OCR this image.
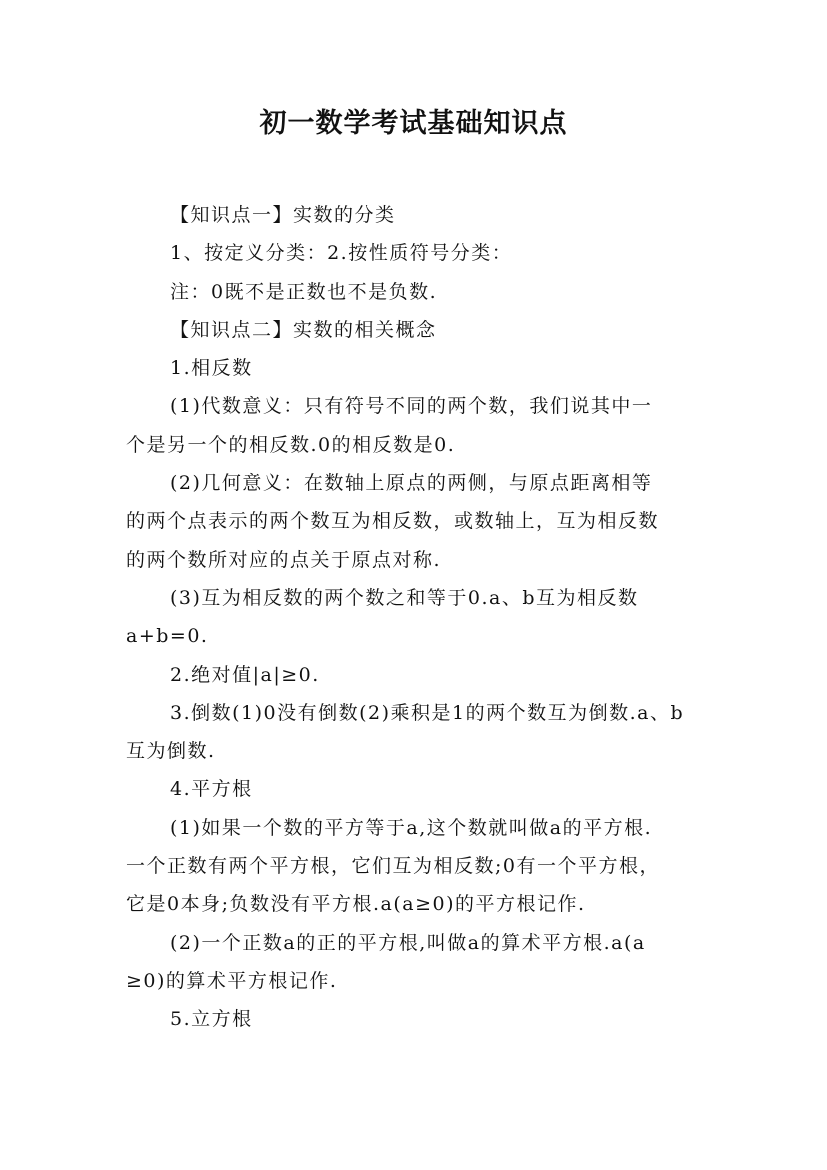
初一数学考试基础知识点
【知识点一】实数的分类
1、按定义分类：2.按性质符号分类：
注：0既不是正数也不是负数.
【知识点二】实数的相关概念
1.相反数
(1)代数意义：只有符号不同的两个数，我们说其中一
个是另一个的相反数.0的相反数是0.
(2)几何意义：在数轴上原点的两侧，与原点距离相等
的两个点表示的两个数互为相反数，或数轴上，互为相反数
的两个数所对应的点关于原点对称.
(3)互为相反数的两个数之和等于0.a、b互为相反数
a+b=0.
2.绝对值|a|≥0.
3.倒数(1)0没有倒数(2)乘积是1的两个数互为倒数.a、b
互为倒数.
4.平方根
(1)如果一个数的平方等于a,这个数就叫做a的平方根.
一个正数有两个平方根，它们互为相反数;0有一个平方根，
它是0本身;负数没有平方根.a(a≥0)的平方根记作.
(2)一个正数a的正的平方根,叫做a的算术平方根.a(a
≥0)的算术平方根记作.
5.立方根
